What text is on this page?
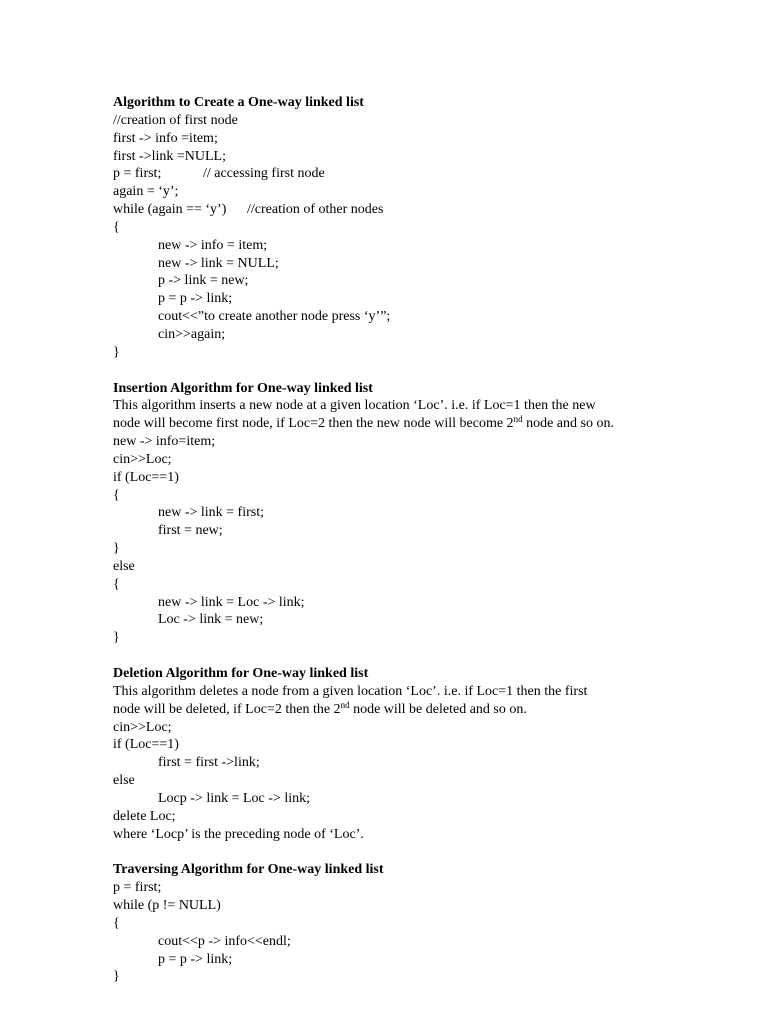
Algorithm to Create a One-way linked list
//creation of first node
first -> info =item;
first ->link =NULL;
p = first;	// accessing first node
again = ‘y’;
while (again == ‘y’) //creation of other nodes
{
new -> info = item;
new -> link = NULL;
p -> link = new;
p = p -> link;
cout<<”to create another node press ‘y’”;
cin>>again;
}
Insertion Algorithm for One-way linked list
This algorithm inserts a new node at a given location ‘Loc’. i.e. if Loc=1 then the new
node will become first node, if Loc=2 then the new node will become 2nd node and so on.
new -> info=item;
cin>>Loc;
if (Loc==1)
{
new -> link = first;
first = new;
}
else
{
new -> link = Loc -> link;
Loc -> link = new;
}
Deletion Algorithm for One-way linked list
This algorithm deletes a node from a given location ‘Loc’. i.e. if Loc=1 then the first
node will be deleted, if Loc=2 then the 2nd node will be deleted and so on.
cin>>Loc;
if (Loc==1)
first = first ->link;
else
Locp -> link = Loc -> link;
delete Loc;
where ‘Locp’ is the preceding node of ‘Loc’.
Traversing Algorithm for One-way linked list
p = first;
while (p != NULL)
{
cout<<p -> info<<endl;
p = p -> link;
}
